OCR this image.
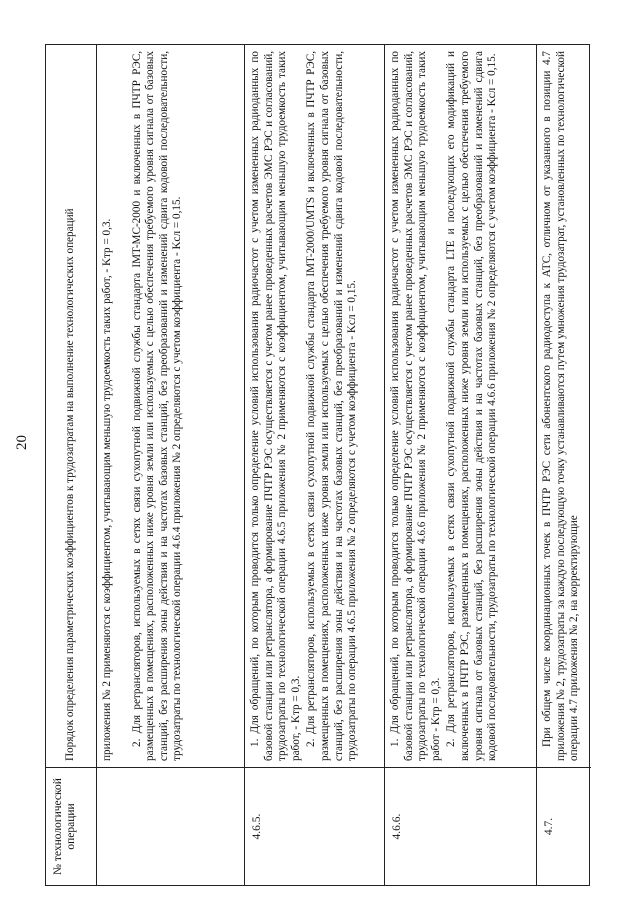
20
№ технологической операции
Порядок определения параметрических коэффициентов к трудозатратам на выполнение технологических операций	приложения № 2 применяются с коэффициентом, учитывающим меньшую трудоемкость таких работ, - Kтр = 0,3. 2. Для ретрансляторов, используемых в сетях связи сухопутной подвижной службы стандарта IMT-MC-2000 и включенных в ПЧТР РЭС, размещенных в помещениях, расположенных ниже уровня земли или используемых с целью обеспечения требуемого уровня сигнала от базовых станций, без расширения зоны действия и на частотах базовых станций, без преобразований и изменений сдвига кодовой последовательности, трудозатраты по технологической операции 4.6.4 приложения № 2 определяются с учетом коэффициента - Kсл = 0,15.

4.6.5.

1. Для обращений, по которым проводится только определение условий использования радиочастот с учетом измененных радиоданных по базовой станции или ретранслятора, а формирование ПЧТР РЭС осуществляется с учетом ранее проведенных расчетов ЭМС РЭС и согласований, трудозатраты по технологической операции 4.6.5 приложения № 2 применяются с коэффициентом, учитывающим меньшую трудоемкость таких работ, - Kтр = 0,3. 2. Для ретрансляторов, используемых в сетях связи сухопутной подвижной службы стандарта IMT-2000/UMTS и включенных в ПЧТР РЭС, размещенных в помещениях, расположенных ниже уровня земли или используемых с целью обеспечения требуемого уровня сигнала от базовых станций, без расширения зоны действия и на частотах базовых станций, без преобразований и изменений сдвига кодовой последовательности, трудозатраты по операции 4.6.5 приложения № 2 определяются с учетом коэффициента - Kсл = 0,15.

4.6.6.

1. Для обращений, по которым проводится только определение условий использования радиочастот с учетом измененных радиоданных по базовой станции или ретранслятора, а формирование ПЧТР РЭС осуществляется с учетом ранее проведенных расчетов ЭМС РЭС и согласований, трудозатраты по технологической операции 4.6.6 приложения № 2 применяются с коэффициентом, учитывающим меньшую трудоемкость таких работ - Kтр = 0,3. 2. Для ретрансляторов, используемых в сетях связи сухопутной подвижной службы стандарта LTE и последующих его модификаций и включенных в ПЧТР РЭС, размещенных в помещениях, расположенных ниже уровня земли или используемых с целью обеспечения требуемого уровня сигнала от базовых станций, без расширения зоны действия и на частотах базовых станций, без преобразований и изменений сдвига кодовой последовательности, трудозатраты по технологической операции 4.6.6 приложения № 2 определяются с учетом коэффициента - Kсл = 0,15.

4.7.

При общем числе координационных точек в ПЧТР РЭС сети абонентского радиодоступа к АТС, отличном от указанного в позиции 4.7 приложения № 2, трудозатраты за каждую последующую точку устанавливаются путем умножения трудозатрат, установленных по технологической операции 4.7 приложения № 2, на корректирующие
